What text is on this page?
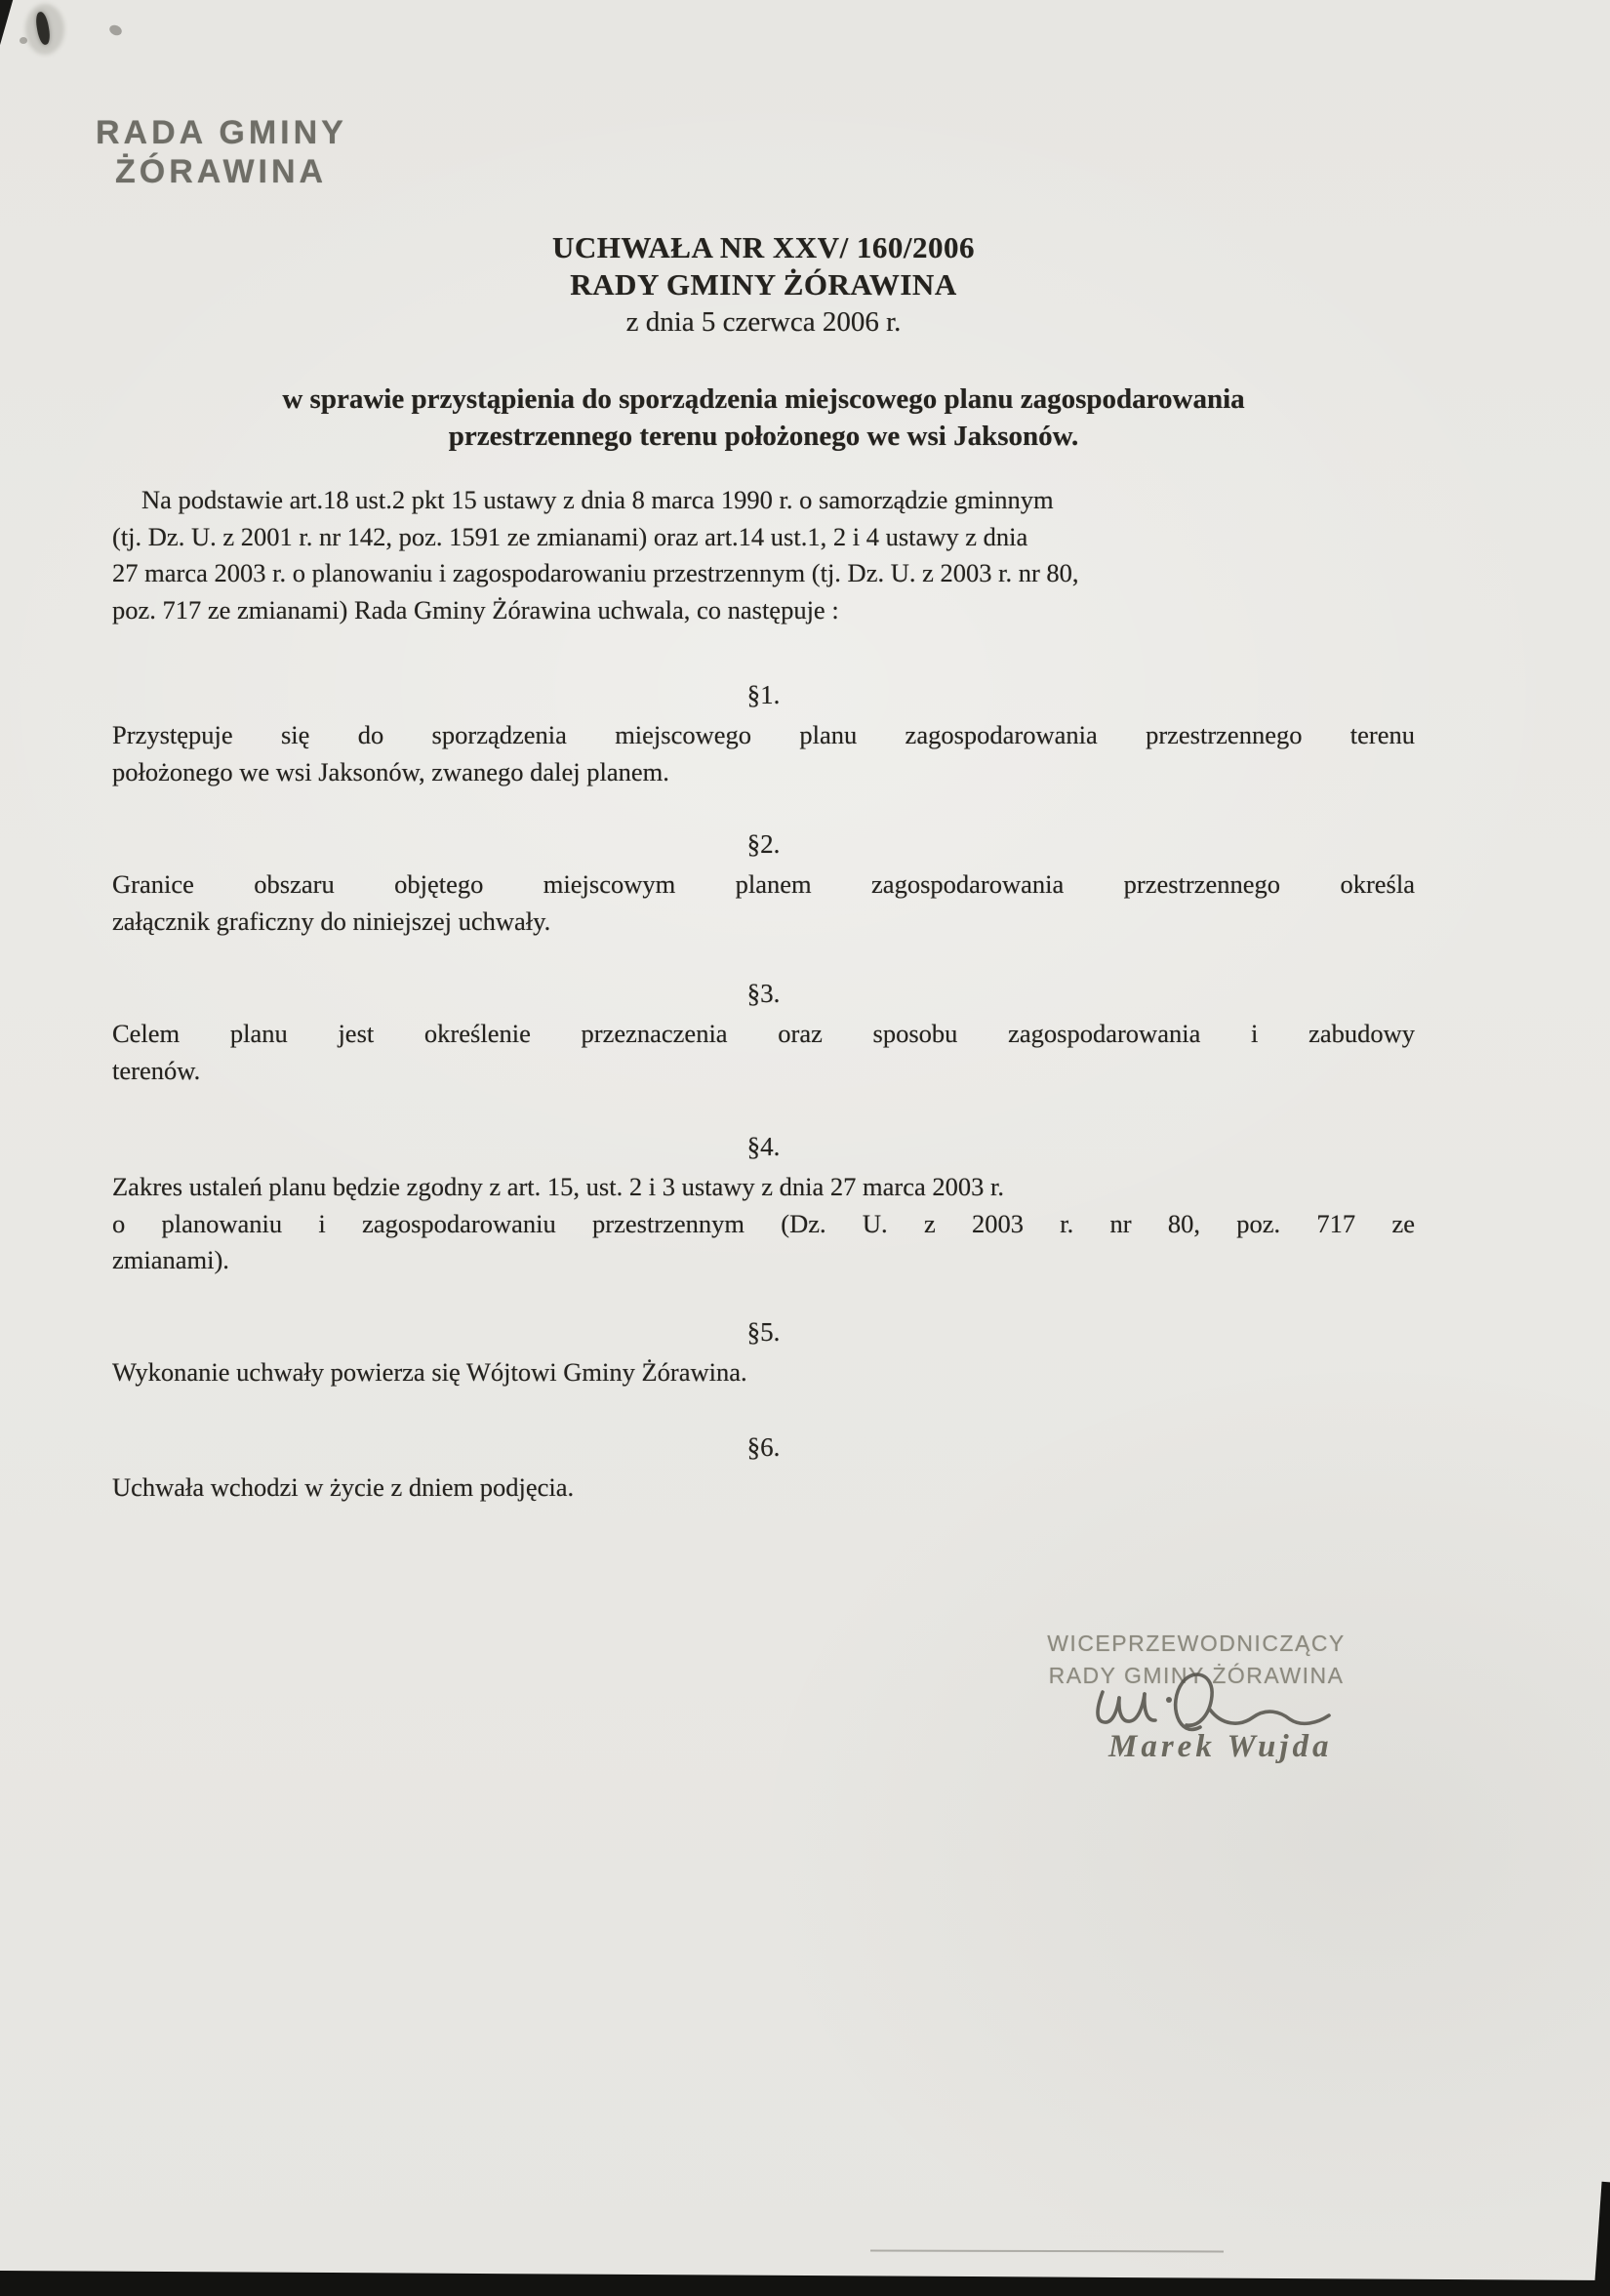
RADA GMINY
ŻÓRAWINA
UCHWAŁA NR XXV/ 160/2006
RADY GMINY ŻÓRAWINA
z dnia 5 czerwca 2006 r.
w sprawie przystąpienia do sporządzenia miejscowego planu zagospodarowania
przestrzennego terenu położonego we wsi Jaksonów.
Na podstawie art.18 ust.2 pkt 15 ustawy z dnia 8 marca 1990 r. o samorządzie gminnym
(tj. Dz. U. z 2001 r. nr 142, poz. 1591 ze zmianami) oraz art.14 ust.1, 2 i 4 ustawy z dnia
27 marca 2003 r. o planowaniu i zagospodarowaniu przestrzennym (tj. Dz. U. z 2003 r. nr 80,
poz. 717 ze zmianami) Rada Gminy Żórawina uchwala, co następuje :
§1.
Przystępuje się do sporządzenia miejscowego planu zagospodarowania przestrzennego terenu
położonego we wsi Jaksonów, zwanego dalej planem.
§2.
Granice obszaru objętego miejscowym planem zagospodarowania przestrzennego określa
załącznik graficzny do niniejszej uchwały.
§3.
Celem planu jest określenie przeznaczenia oraz sposobu zagospodarowania i zabudowy
terenów.
§4.
Zakres ustaleń planu będzie zgodny z art. 15, ust. 2 i 3 ustawy z dnia 27 marca 2003 r.
o planowaniu i zagospodarowaniu przestrzennym (Dz. U. z 2003 r. nr 80, poz. 717 ze
zmianami).
§5.
Wykonanie uchwały powierza się Wójtowi Gminy Żórawina.
§6.
Uchwała wchodzi w życie z dniem podjęcia.
WICEPRZEWODNICZĄCY
RADY GMINY ŻÓRAWINA
Marek Wujda
